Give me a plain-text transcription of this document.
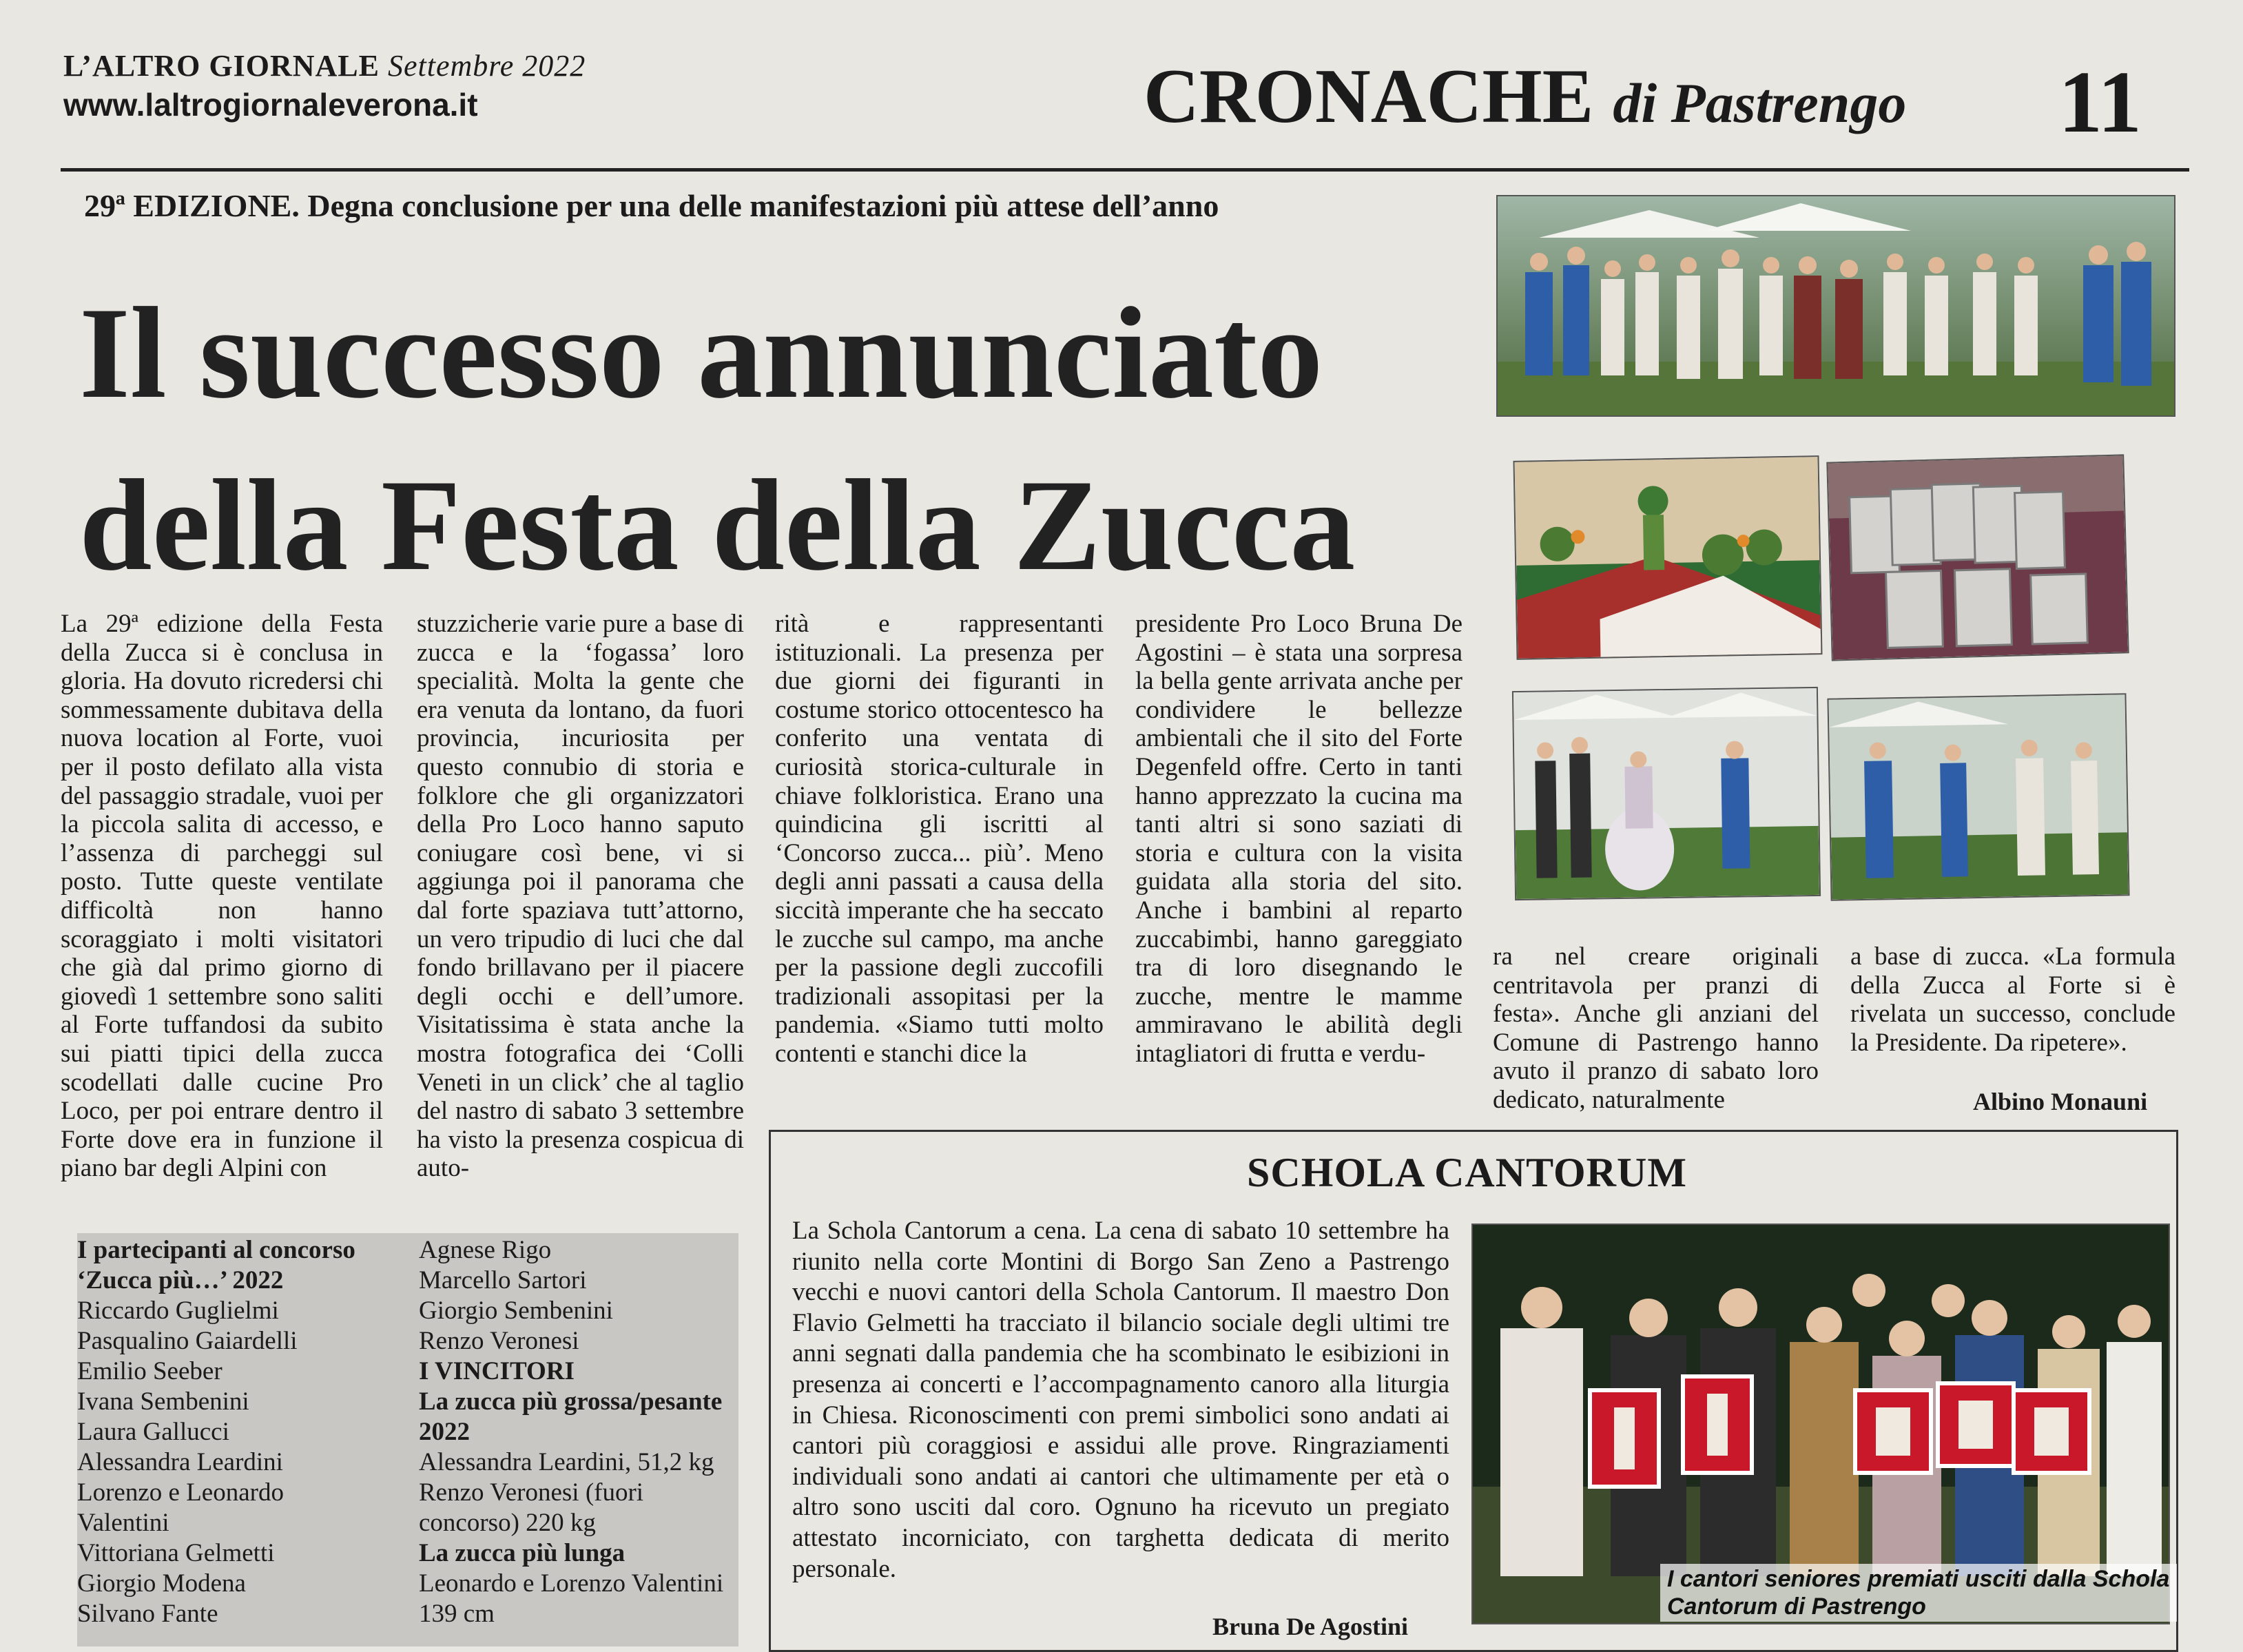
L’ALTRO GIORNALE Settembre 2022
www.laltrogiornaleverona.it	CRONACHE di Pastrengo 11
29ª EDIZIONE. Degna conclusione per una delle manifestazioni più attese dell’anno
Il successo annunciato
della Festa della Zucca
La 29ª edizione della Festa della Zucca si è conclusa in gloria. Ha dovuto ricredersi chi sommessamente dubitava della nuova location al Forte, vuoi per il posto defilato alla vista del passaggio stradale, vuoi per la piccola salita di accesso, e l’assenza di parcheggi sul posto. Tutte queste ventilate difficoltà non hanno scoraggiato i molti visitatori che già dal primo giorno di giovedì 1 settembre sono saliti al Forte tuffandosi da subito sui piatti tipici della zucca scodellati dalle cucine Pro Loco, per poi entrare dentro il Forte dove era in funzione il piano bar degli Alpini con
stuzzicherie varie pure a base di zucca e la ‘fogassa’ loro specialità. Molta la gente che era venuta da lontano, da fuori provincia, incuriosita per questo connubio di storia e folklore che gli organizzatori della Pro Loco hanno saputo coniugare così bene, vi si aggiunga poi il panorama che dal forte spaziava tutt’attorno, un vero tripudio di luci che dal fondo brillavano per il piacere degli occhi e dell’umore. Visitatissima è stata anche la mostra fotografica dei ‘Colli Veneti in un click’ che al taglio del nastro di sabato 3 settembre ha visto la presenza cospicua di auto-
rità e rappresentanti istituzionali. La presenza per due giorni dei figuranti in costume storico ottocentesco ha conferito una ventata di curiosità storica-culturale in chiave folkloristica. Erano una quindicina gli iscritti al ‘Concorso zucca... più’. Meno degli anni passati a causa della siccità imperante che ha seccato le zucche sul campo, ma anche per la passione degli zuccofili tradizionali assopitasi per la pandemia. «Siamo tutti molto contenti e stanchi dice la
presidente Pro Loco Bruna De Agostini – è stata una sorpresa la bella gente arrivata anche per condividere le bellezze ambientali che il sito del Forte Degenfeld offre. Certo in tanti hanno apprezzato la cucina ma tanti altri si sono saziati di storia e cultura con la visita guidata alla storia del sito. Anche i bambini al reparto zuccabimbi, hanno gareggiato tra di loro disegnando le zucche, mentre le mamme ammiravano le abilità degli intagliatori di frutta e verdu-
ra nel creare originali centritavola per pranzi di festa». Anche gli anziani del Comune di Pastrengo hanno avuto il pranzo di sabato loro dedicato, naturalmente
a base di zucca. «La formula della Zucca al Forte si è rivelata un successo, conclude la Presidente. Da ripetere».
Albino Monauni
I partecipanti al concorso ‘Zucca più…’ 2022
Riccardo Guglielmi
Pasqualino Gaiardelli
Emilio Seeber
Ivana Sembenini
Laura Gallucci
Alessandra Leardini
Lorenzo e Leonardo Valentini
Vittoriana Gelmetti
Giorgio Modena
Silvano Fante
Agnese Rigo
Marcello Sartori
Giorgio Sembenini
Renzo Veronesi
I VINCITORI
La zucca più grossa/pesante 2022
Alessandra Leardini, 51,2 kg
Renzo Veronesi (fuori concorso) 220 kg
La zucca più lunga
Leonardo e Lorenzo Valentini 139 cm
SCHOLA CANTORUM
La Schola Cantorum a cena. La cena di sabato 10 settembre ha riunito nella corte Montini di Borgo San Zeno a Pastrengo vecchi e nuovi cantori della Schola Cantorum. Il maestro Don Flavio Gelmetti ha tracciato il bilancio sociale degli ultimi tre anni segnati dalla pandemia che ha scombinato le esibizioni in presenza ai concerti e l’accompagnamento canoro alla liturgia in Chiesa. Riconoscimenti con premi simbolici sono andati ai cantori più coraggiosi e assidui alle prove. Ringraziamenti individuali sono andati ai cantori che ultimamente per età o altro sono usciti dal coro. Ognuno ha ricevuto un pregiato attestato incorniciato, con targhetta dedicata di merito personale.
Bruna De Agostini
I cantori seniores premiati usciti dalla Schola Cantorum di Pastrengo
